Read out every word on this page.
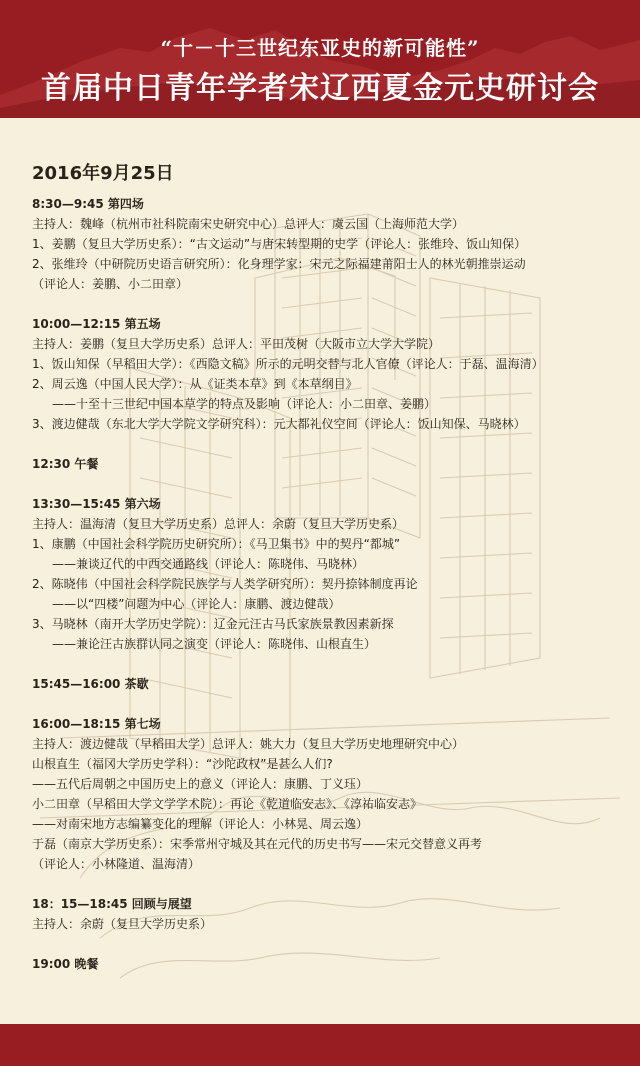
“十－十三世纪东亚史的新可能性”
首届中日青年学者宋辽西夏金元史研讨会
2016年9月25日
8:30—9:45 第四场
主持人：魏峰（杭州市社科院南宋史研究中心）总评人：虞云国（上海师范大学）
1、姜鹏（复旦大学历史系）：“古文运动”与唐宋转型期的史学（评论人：张维玲、饭山知保）
2、张维玲（中研院历史语言研究所）：化身理学家：宋元之际福建莆阳士人的林光朝推崇运动
（评论人：姜鹏、小二田章）
10:00—12:15 第五场
主持人：姜鹏（复旦大学历史系）总评人：平田茂树（大阪市立大学大学院）
1、饭山知保（早稻田大学）：《西隐文稿》所示的元明交替与北人官僚（评论人：于磊、温海清）
2、周云逸（中国人民大学）：从《证类本草》到《本草纲目》
——十至十三世纪中国本草学的特点及影响（评论人：小二田章、姜鹏）
3、渡边健哉（东北大学大学院文学研究科）：元大都礼仪空间（评论人：饭山知保、马晓林）
12:30 午餐
13:30—15:45 第六场
主持人：温海清（复旦大学历史系）总评人：余蔚（复旦大学历史系）
1、康鹏（中国社会科学院历史研究所）：《马卫集书》中的契丹“都城”
——兼谈辽代的中西交通路线（评论人：陈晓伟、马晓林）
2、陈晓伟（中国社会科学院民族学与人类学研究所）：契丹捺钵制度再论
——以“四楼”问题为中心（评论人：康鹏、渡边健哉）
3、马晓林（南开大学历史学院）：辽金元汪古马氏家族景教因素新探
——兼论汪古族群认同之演变（评论人：陈晓伟、山根直生）
15:45—16:00 茶歇
16:00—18:15 第七场
主持人：渡边健哉（早稻田大学）总评人：姚大力（复旦大学历史地理研究中心）
山根直生（福冈大学历史学科）：“沙陀政权”是甚么人们?
——五代后周朝之中国历史上的意义（评论人：康鹏、丁义珏）
小二田章（早稻田大学文学学术院）：再论《乾道临安志》、《淳祐临安志》
——对南宋地方志编纂变化的理解（评论人：小林晃、周云逸）
于磊（南京大学历史系）：宋季常州守城及其在元代的历史书写——宋元交替意义再考
（评论人：小林隆道、温海清）
18：15—18:45 回顾与展望
主持人：余蔚（复旦大学历史系）
19:00 晚餐
